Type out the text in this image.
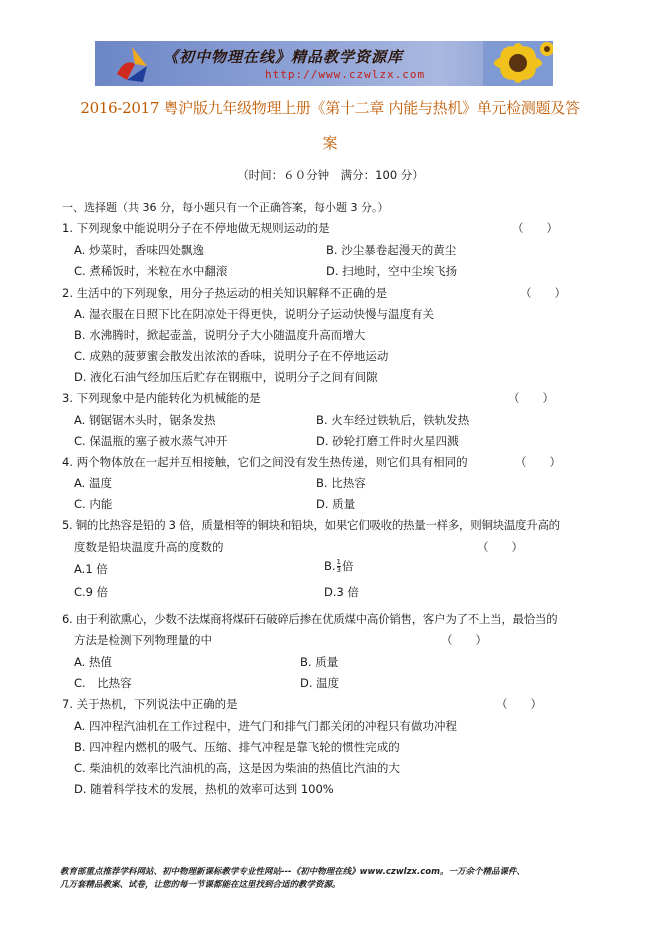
《初中物理在线》精品教学资源库
http://www.czwlzx.com
2016-2017 粤沪版九年级物理上册《第十二章 内能与热机》单元检测题及答
案
（时间：６０分钟　满分：100 分）
一、选择题（共 36 分，每小题只有一个正确答案，每小题 3 分。）
1. 下列现象中能说明分子在不停地做无规则运动的是	（　　）
A. 炒菜时，香味四处飘逸	B. 沙尘暴卷起漫天的黄尘
C. 煮稀饭时，米粒在水中翻滚	D. 扫地时，空中尘埃飞扬
2. 生活中的下列现象，用分子热运动的相关知识解释不正确的是	（　　）
A. 湿衣服在日照下比在阴凉处干得更快，说明分子运动快慢与温度有关
B. 水沸腾时，掀起壶盖，说明分子大小随温度升高而增大
C. 成熟的菠萝蜜会散发出浓浓的香味，说明分子在不停地运动
D. 液化石油气经加压后贮存在钢瓶中，说明分子之间有间隙
3. 下列现象中是内能转化为机械能的是	（　　）
A. 钢锯锯木头时，锯条发热	B. 火车经过铁轨后，铁轨发热
C. 保温瓶的塞子被水蒸气冲开	D. 砂轮打磨工件时火星四溅
4. 两个物体放在一起并互相接触，它们之间没有发生热传递，则它们具有相同的	（　　）
A. 温度	B. 比热容
C. 内能	D. 质量
5. 铜的比热容是铅的 3 倍，质量相等的铜块和铅块，如果它们吸收的热量一样多，则铜块温度升高的
度数是铅块温度升高的度数的	（　　）
A.1 倍	B. $\frac{1}{3}$ 倍
C.9 倍	D.3 倍
6. 由于利欲熏心，少数不法煤商将煤矸石破碎后掺在优质煤中高价销售，客户为了不上当，最恰当的
方法是检测下列物理量的中	（　　）
A. 热值	B. 质量
C.　比热容	D. 温度
7. 关于热机，下列说法中正确的是	（　　）
A. 四冲程汽油机在工作过程中，进气门和排气门都关闭的冲程只有做功冲程
B. 四冲程内燃机的吸气、压缩、排气冲程是靠飞轮的惯性完成的
C. 柴油机的效率比汽油机的高，这是因为柴油的热值比汽油的大
D. 随着科学技术的发展，热机的效率可达到 100%
教育部重点推荐学科网站、初中物理新课标教学专业性网站---《初中物理在线》www.czwlzx.com。一万余个精品课件、
几万套精品教案、试卷，让您的每一节课都能在这里找到合适的教学资源。
